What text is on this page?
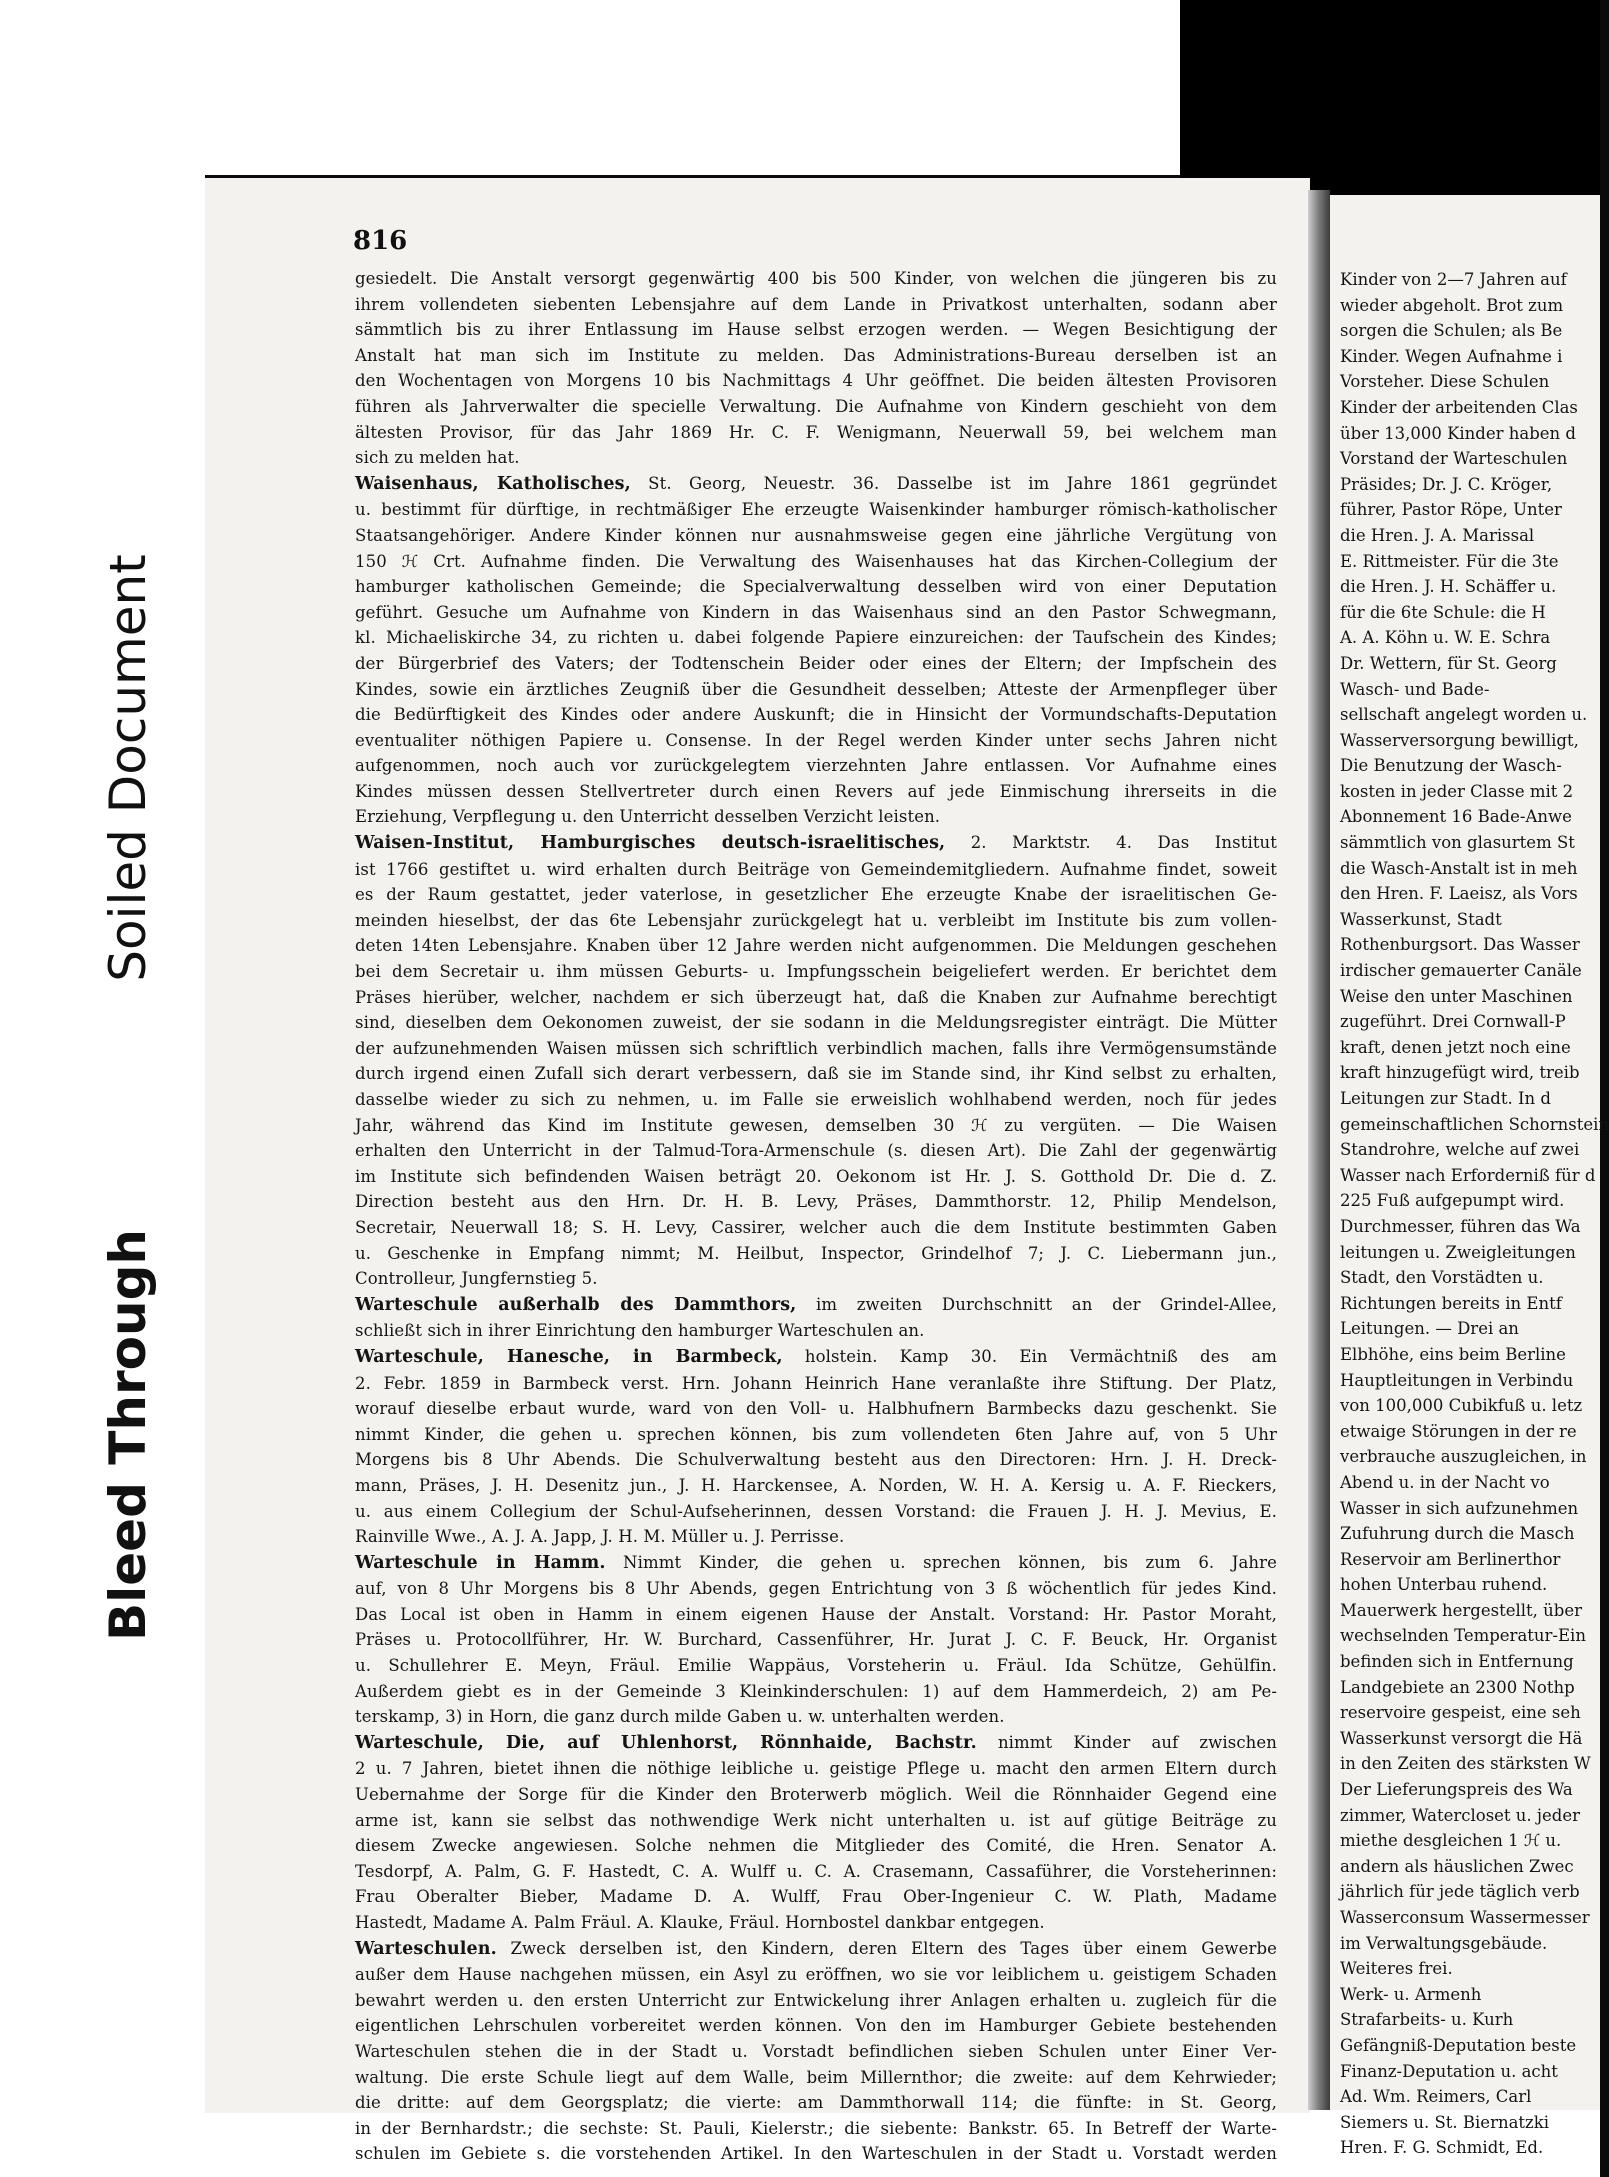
Soiled Document
Bleed Through
816
gesiedelt. Die Anstalt versorgt gegenwärtig 400 bis 500 Kinder, von welchen die jüngeren bis zu
ihrem vollendeten siebenten Lebensjahre auf dem Lande in Privatkost unterhalten, sodann aber
sämmtlich bis zu ihrer Entlassung im Hause selbst erzogen werden. — Wegen Besichtigung der
Anstalt hat man sich im Institute zu melden. Das Administrations-Bureau derselben ist an
den Wochentagen von Morgens 10 bis Nachmittags 4 Uhr geöffnet. Die beiden ältesten Provisoren
führen als Jahrverwalter die specielle Verwaltung. Die Aufnahme von Kindern geschieht von dem
ältesten Provisor, für das Jahr 1869 Hr. C. F. Wenigmann, Neuerwall 59, bei welchem man
sich zu melden hat.
Waisenhaus, Katholisches, St. Georg, Neuestr. 36. Dasselbe ist im Jahre 1861 gegründet
u. bestimmt für dürftige, in rechtmäßiger Ehe erzeugte Waisenkinder hamburger römisch-katholischer
Staatsangehöriger. Andere Kinder können nur ausnahmsweise gegen eine jährliche Vergütung von
150 ℋ Crt. Aufnahme finden. Die Verwaltung des Waisenhauses hat das Kirchen-Collegium der
hamburger katholischen Gemeinde; die Specialverwaltung desselben wird von einer Deputation
geführt. Gesuche um Aufnahme von Kindern in das Waisenhaus sind an den Pastor Schwegmann,
kl. Michaeliskirche 34, zu richten u. dabei folgende Papiere einzureichen: der Taufschein des Kindes;
der Bürgerbrief des Vaters; der Todtenschein Beider oder eines der Eltern; der Impfschein des
Kindes, sowie ein ärztliches Zeugniß über die Gesundheit desselben; Atteste der Armenpfleger über
die Bedürftigkeit des Kindes oder andere Auskunft; die in Hinsicht der Vormundschafts-Deputation
eventualiter nöthigen Papiere u. Consense. In der Regel werden Kinder unter sechs Jahren nicht
aufgenommen, noch auch vor zurückgelegtem vierzehnten Jahre entlassen. Vor Aufnahme eines
Kindes müssen dessen Stellvertreter durch einen Revers auf jede Einmischung ihrerseits in die
Erziehung, Verpflegung u. den Unterricht desselben Verzicht leisten.
Waisen-Institut, Hamburgisches deutsch-israelitisches, 2. Marktstr. 4. Das Institut
ist 1766 gestiftet u. wird erhalten durch Beiträge von Gemeindemitgliedern. Aufnahme findet, soweit
es der Raum gestattet, jeder vaterlose, in gesetzlicher Ehe erzeugte Knabe der israelitischen Ge-
meinden hieselbst, der das 6te Lebensjahr zurückgelegt hat u. verbleibt im Institute bis zum vollen-
deten 14ten Lebensjahre. Knaben über 12 Jahre werden nicht aufgenommen. Die Meldungen geschehen
bei dem Secretair u. ihm müssen Geburts- u. Impfungsschein beigeliefert werden. Er berichtet dem
Präses hierüber, welcher, nachdem er sich überzeugt hat, daß die Knaben zur Aufnahme berechtigt
sind, dieselben dem Oekonomen zuweist, der sie sodann in die Meldungsregister einträgt. Die Mütter
der aufzunehmenden Waisen müssen sich schriftlich verbindlich machen, falls ihre Vermögensumstände
durch irgend einen Zufall sich derart verbessern, daß sie im Stande sind, ihr Kind selbst zu erhalten,
dasselbe wieder zu sich zu nehmen, u. im Falle sie erweislich wohlhabend werden, noch für jedes
Jahr, während das Kind im Institute gewesen, demselben 30 ℋ zu vergüten. — Die Waisen
erhalten den Unterricht in der Talmud-Tora-Armenschule (s. diesen Art). Die Zahl der gegenwärtig
im Institute sich befindenden Waisen beträgt 20. Oekonom ist Hr. J. S. Gotthold Dr. Die d. Z.
Direction besteht aus den Hrn. Dr. H. B. Levy, Präses, Dammthorstr. 12, Philip Mendelson,
Secretair, Neuerwall 18; S. H. Levy, Cassirer, welcher auch die dem Institute bestimmten Gaben
u. Geschenke in Empfang nimmt; M. Heilbut, Inspector, Grindelhof 7; J. C. Liebermann jun.,
Controlleur, Jungfernstieg 5.
Warteschule außerhalb des Dammthors, im zweiten Durchschnitt an der Grindel-Allee,
schließt sich in ihrer Einrichtung den hamburger Warteschulen an.
Warteschule, Hanesche, in Barmbeck, holstein. Kamp 30. Ein Vermächtniß des am
2. Febr. 1859 in Barmbeck verst. Hrn. Johann Heinrich Hane veranlaßte ihre Stiftung. Der Platz,
worauf dieselbe erbaut wurde, ward von den Voll- u. Halbhufnern Barmbecks dazu geschenkt. Sie
nimmt Kinder, die gehen u. sprechen können, bis zum vollendeten 6ten Jahre auf, von 5 Uhr
Morgens bis 8 Uhr Abends. Die Schulverwaltung besteht aus den Directoren: Hrn. J. H. Dreck-
mann, Präses, J. H. Desenitz jun., J. H. Harckensee, A. Norden, W. H. A. Kersig u. A. F. Rieckers,
u. aus einem Collegium der Schul-Aufseherinnen, dessen Vorstand: die Frauen J. H. J. Mevius, E.
Rainville Wwe., A. J. A. Japp, J. H. M. Müller u. J. Perrisse.
Warteschule in Hamm. Nimmt Kinder, die gehen u. sprechen können, bis zum 6. Jahre
auf, von 8 Uhr Morgens bis 8 Uhr Abends, gegen Entrichtung von 3 ß wöchentlich für jedes Kind.
Das Local ist oben in Hamm in einem eigenen Hause der Anstalt. Vorstand: Hr. Pastor Moraht,
Präses u. Protocollführer, Hr. W. Burchard, Cassenführer, Hr. Jurat J. C. F. Beuck, Hr. Organist
u. Schullehrer E. Meyn, Fräul. Emilie Wappäus, Vorsteherin u. Fräul. Ida Schütze, Gehülfin.
Außerdem giebt es in der Gemeinde 3 Kleinkinderschulen: 1) auf dem Hammerdeich, 2) am Pe-
terskamp, 3) in Horn, die ganz durch milde Gaben u. w. unterhalten werden.
Warteschule, Die, auf Uhlenhorst, Rönnhaide, Bachstr. nimmt Kinder auf zwischen
2 u. 7 Jahren, bietet ihnen die nöthige leibliche u. geistige Pflege u. macht den armen Eltern durch
Uebernahme der Sorge für die Kinder den Broterwerb möglich. Weil die Rönnhaider Gegend eine
arme ist, kann sie selbst das nothwendige Werk nicht unterhalten u. ist auf gütige Beiträge zu
diesem Zwecke angewiesen. Solche nehmen die Mitglieder des Comité, die Hren. Senator A.
Tesdorpf, A. Palm, G. F. Hastedt, C. A. Wulff u. C. A. Crasemann, Cassaführer, die Vorsteherinnen:
Frau Oberalter Bieber, Madame D. A. Wulff, Frau Ober-Ingenieur C. W. Plath, Madame
Hastedt, Madame A. Palm Fräul. A. Klauke, Fräul. Hornbostel dankbar entgegen.
Warteschulen. Zweck derselben ist, den Kindern, deren Eltern des Tages über einem Gewerbe
außer dem Hause nachgehen müssen, ein Asyl zu eröffnen, wo sie vor leiblichem u. geistigem Schaden
bewahrt werden u. den ersten Unterricht zur Entwickelung ihrer Anlagen erhalten u. zugleich für die
eigentlichen Lehrschulen vorbereitet werden können. Von den im Hamburger Gebiete bestehenden
Warteschulen stehen die in der Stadt u. Vorstadt befindlichen sieben Schulen unter Einer Ver-
waltung. Die erste Schule liegt auf dem Walle, beim Millernthor; die zweite: auf dem Kehrwieder;
die dritte: auf dem Georgsplatz; die vierte: am Dammthorwall 114; die fünfte: in St. Georg,
in der Bernhardstr.; die sechste: St. Pauli, Kielerstr.; die siebente: Bankstr. 65. In Betreff der Warte-
schulen im Gebiete s. die vorstehenden Artikel. In den Warteschulen in der Stadt u. Vorstadt werden
Kinder von 2—7 Jahren auf
wieder abgeholt. Brot zum
sorgen die Schulen; als Be
Kinder. Wegen Aufnahme i
Vorsteher. Diese Schulen
Kinder der arbeitenden Clas
über 13,000 Kinder haben d
Vorstand der Warteschulen
Präsides; Dr. J. C. Kröger,
führer, Pastor Röpe, Unter
die Hren. J. A. Marissal
E. Rittmeister. Für die 3te
die Hren. J. H. Schäffer u.
für die 6te Schule: die H
A. A. Köhn u. W. E. Schra
Dr. Wettern, für St. Georg
Wasch- und Bade-
sellschaft angelegt worden u.
Wasserversorgung bewilligt,
Die Benutzung der Wasch-
kosten in jeder Classe mit 2
Abonnement 16 Bade-Anwe
sämmtlich von glasurtem St
die Wasch-Anstalt ist in meh
den Hren. F. Laeisz, als Vors
Wasserkunst, Stadt
Rothenburgsort. Das Wasser
irdischer gemauerter Canäle
Weise den unter Maschinen
zugeführt. Drei Cornwall-P
kraft, denen jetzt noch eine
kraft hinzugefügt wird, treib
Leitungen zur Stadt. In d
gemeinschaftlichen Schornstein
Standrohre, welche auf zwei
Wasser nach Erforderniß für d
225 Fuß aufgepumpt wird.
Durchmesser, führen das Wa
leitungen u. Zweigleitungen
Stadt, den Vorstädten u.
Richtungen bereits in Entf
Leitungen. — Drei an
Elbhöhe, eins beim Berline
Hauptleitungen in Verbindu
von 100,000 Cubikfuß u. letz
etwaige Störungen in der re
verbrauche auszugleichen, in
Abend u. in der Nacht vo
Wasser in sich aufzunehmen
Zufuhrung durch die Masch
Reservoir am Berlinerthor
hohen Unterbau ruhend.
Mauerwerk hergestellt, über
wechselnden Temperatur-Ein
befinden sich in Entfernung
Landgebiete an 2300 Nothp
reservoire gespeist, eine seh
Wasserkunst versorgt die Hä
in den Zeiten des stärksten W
Der Lieferungspreis des Wa
zimmer, Watercloset u. jeder
miethe desgleichen 1 ℋ u.
andern als häuslichen Zwec
jährlich für jede täglich verb
Wasserconsum Wassermesser
im Verwaltungsgebäude.
Weiteres frei.
Werk- u. Armenh
Strafarbeits- u. Kurh
Gefängniß-Deputation beste
Finanz-Deputation u. acht
Ad. Wm. Reimers, Carl
Siemers u. St. Biernatzki
Hren. F. G. Schmidt, Ed.
